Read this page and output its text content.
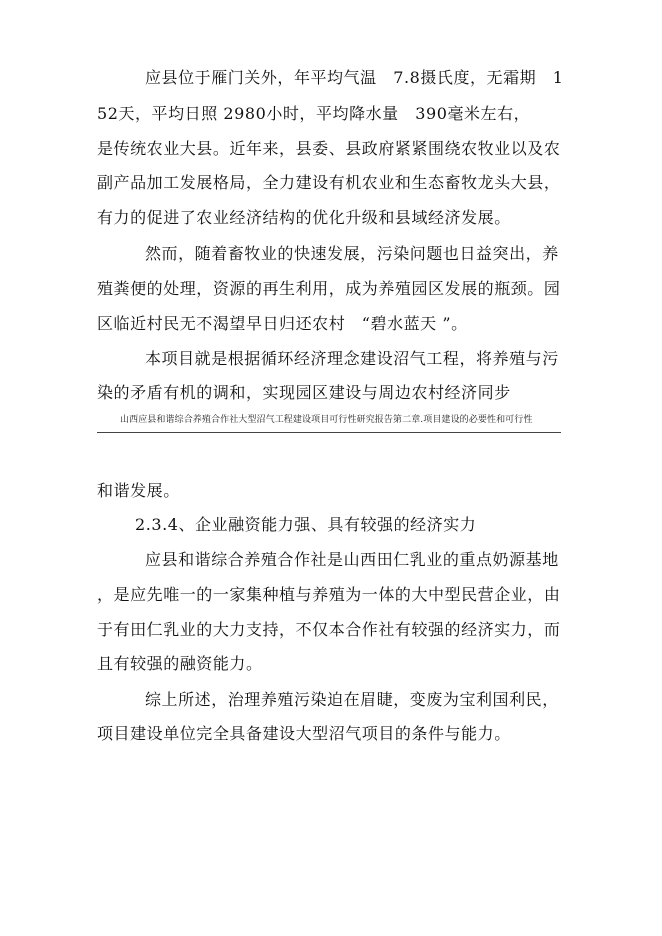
应县位于雁门关外，年平均气温　7.8摄氏度，无霜期　1
52天，平均日照 2980小时，平均降水量　390毫米左右，
是传统农业大县。近年来，县委、县政府紧紧围绕农牧业以及农
副产品加工发展格局，全力建设有机农业和生态畜牧龙头大县，
有力的促进了农业经济结构的优化升级和县域经济发展。
然而，随着畜牧业的快速发展，污染问题也日益突出，养
殖粪便的处理，资源的再生利用，成为养殖园区发展的瓶颈。园
区临近村民无不渴望早日归还农村　“碧水蓝天 ”。
本项目就是根据循环经济理念建设沼气工程，将养殖与污
染的矛盾有机的调和，实现园区建设与周边农村经济同步
山西应县和谐综合养殖合作社大型沼气工程建设项目可行性研究报告第二章.项目建设的必要性和可行性
和谐发展。
2.3.4、企业融资能力强、具有较强的经济实力
应县和谐综合养殖合作社是山西田仁乳业的重点奶源基地
，是应先唯一的一家集种植与养殖为一体的大中型民营企业，由
于有田仁乳业的大力支持，不仅本合作社有较强的经济实力，而
且有较强的融资能力。
综上所述，治理养殖污染迫在眉睫，变废为宝利国利民，
项目建设单位完全具备建设大型沼气项目的条件与能力。
